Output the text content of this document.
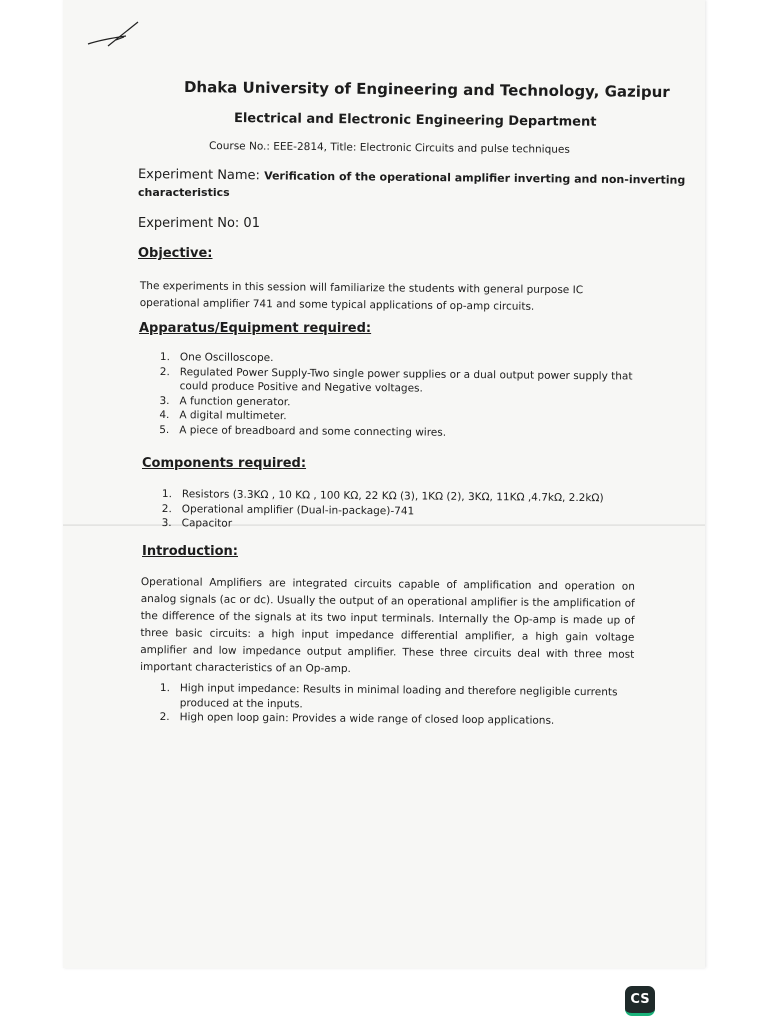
Dhaka University of Engineering and Technology, Gazipur
Electrical and Electronic Engineering Department
Course No.: EEE-2814, Title: Electronic Circuits and pulse techniques
Experiment Name: Verification of the operational amplifier inverting and non-inverting
characteristics
Experiment No: 01
Objective:
The experiments in this session will familiarize the students with general purpose IC operational amplifier 741 and some typical applications of op-amp circuits.
Apparatus/Equipment required:
1. One Oscilloscope.
2. Regulated Power Supply-Two single power supplies or a dual output power supply that could produce Positive and Negative voltages.
3. A function generator.
4. A digital multimeter.
5. A piece of breadboard and some connecting wires.
Components required:
1. Resistors (3.3KΩ , 10 KΩ , 100 KΩ, 22 KΩ (3), 1KΩ (2), 3KΩ, 11KΩ ,4.7kΩ, 2.2kΩ)
2. Operational amplifier (Dual-in-package)-741
3. Capacitor
Introduction:
Operational Amplifiers are integrated circuits capable of amplification and operation on analog signals (ac or dc). Usually the output of an operational amplifier is the amplification of the difference of the signals at its two input terminals. Internally the Op-amp is made up of three basic circuits: a high input impedance differential amplifier, a high gain voltage amplifier and low impedance output amplifier. These three circuits deal with three most important characteristics of an Op-amp.
1. High input impedance: Results in minimal loading and therefore negligible currents produced at the inputs.
2. High open loop gain: Provides a wide range of closed loop applications.
CS
